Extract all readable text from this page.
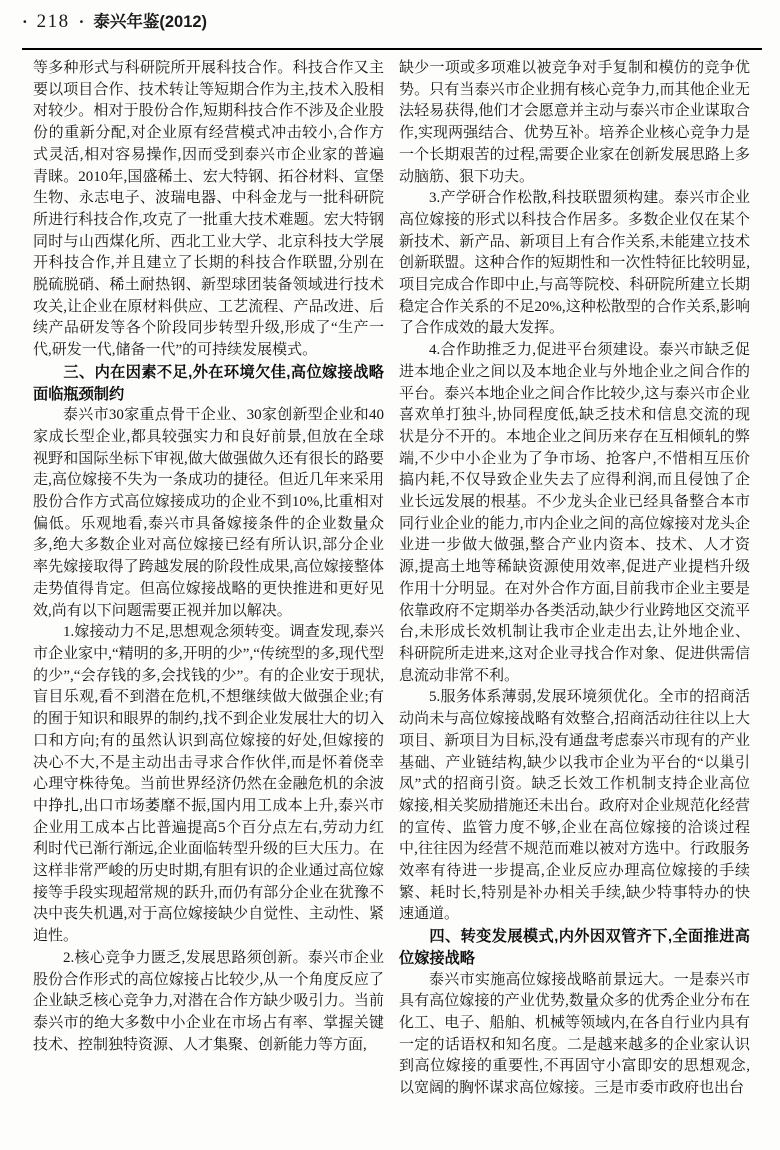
· 218 · 泰兴年鉴(2012)

等多种形式与科研院所开展科技合作。科技合作又主要以项目合作、技术转让等短期合作为主,技术入股相对较少。相对于股份合作,短期科技合作不涉及企业股份的重新分配,对企业原有经营模式冲击较小,合作方式灵活,相对容易操作,因而受到泰兴市企业家的普遍青睐。2010年,国盛稀土、宏大特钢、拓谷材料、宣堡生物、永志电子、波瑞电器、中科金龙与一批科研院所进行科技合作,攻克了一批重大技术难题。宏大特钢同时与山西煤化所、西北工业大学、北京科技大学展开科技合作,并且建立了长期的科技合作联盟,分别在脱硫脱硝、稀土耐热钢、新型球团装备领域进行技术攻关,让企业在原材料供应、工艺流程、产品改进、后续产品研发等各个阶段同步转型升级,形成了“生产一代,研发一代,储备一代”的可持续发展模式。

三、内在因素不足,外在环境欠佳,高位嫁接战略面临瓶颈制约

泰兴市30家重点骨干企业、30家创新型企业和40家成长型企业,都具较强实力和良好前景,但放在全球视野和国际坐标下审视,做大做强做久还有很长的路要走,高位嫁接不失为一条成功的捷径。但近几年来采用股份合作方式高位嫁接成功的企业不到10%,比重相对偏低。乐观地看,泰兴市具备嫁接条件的企业数量众多,绝大多数企业对高位嫁接已经有所认识,部分企业率先嫁接取得了跨越发展的阶段性成果,高位嫁接整体走势值得肯定。但高位嫁接战略的更快推进和更好见效,尚有以下问题需要正视并加以解决。

1.嫁接动力不足,思想观念须转变。调查发现,泰兴市企业家中,“精明的多,开明的少”,“传统型的多,现代型的少”,“会存钱的多,会找钱的少”。有的企业安于现状,盲目乐观,看不到潜在危机,不想继续做大做强企业;有的囿于知识和眼界的制约,找不到企业发展壮大的切入口和方向;有的虽然认识到高位嫁接的好处,但嫁接的决心不大,不是主动出击寻求合作伙伴,而是怀着侥幸心理守株待兔。当前世界经济仍然在金融危机的余波中挣扎,出口市场萎靡不振,国内用工成本上升,泰兴市企业用工成本占比普遍提高5个百分点左右,劳动力红利时代已渐行渐远,企业面临转型升级的巨大压力。在这样非常严峻的历史时期,有胆有识的企业通过高位嫁接等手段实现超常规的跃升,而仍有部分企业在犹豫不决中丧失机遇,对于高位嫁接缺少自觉性、主动性、紧迫性。

2.核心竞争力匮乏,发展思路须创新。泰兴市企业股份合作形式的高位嫁接占比较少,从一个角度反应了企业缺乏核心竞争力,对潜在合作方缺少吸引力。当前泰兴市的绝大多数中小企业在市场占有率、掌握关键技术、控制独特资源、人才集聚、创新能力等方面,

缺少一项或多项难以被竞争对手复制和模仿的竞争优势。只有当泰兴市企业拥有核心竞争力,而其他企业无法轻易获得,他们才会愿意并主动与泰兴市企业谋取合作,实现两强结合、优势互补。培养企业核心竞争力是一个长期艰苦的过程,需要企业家在创新发展思路上多动脑筋、狠下功夫。

3.产学研合作松散,科技联盟须构建。泰兴市企业高位嫁接的形式以科技合作居多。多数企业仅在某个新技术、新产品、新项目上有合作关系,未能建立技术创新联盟。这种合作的短期性和一次性特征比较明显,项目完成合作即中止,与高等院校、科研院所建立长期稳定合作关系的不足20%,这种松散型的合作关系,影响了合作成效的最大发挥。

4.合作助推乏力,促进平台须建设。泰兴市缺乏促进本地企业之间以及本地企业与外地企业之间合作的平台。泰兴本地企业之间合作比较少,这与泰兴市企业喜欢单打独斗,协同程度低,缺乏技术和信息交流的现状是分不开的。本地企业之间历来存在互相倾轧的弊端,不少中小企业为了争市场、抢客户,不惜相互压价搞内耗,不仅导致企业失去了应得利润,而且侵蚀了企业长远发展的根基。不少龙头企业已经具备整合本市同行业企业的能力,市内企业之间的高位嫁接对龙头企业进一步做大做强,整合产业内资本、技术、人才资源,提高土地等稀缺资源使用效率,促进产业提档升级作用十分明显。在对外合作方面,目前我市企业主要是依靠政府不定期举办各类活动,缺少行业跨地区交流平台,未形成长效机制让我市企业走出去,让外地企业、科研院所走进来,这对企业寻找合作对象、促进供需信息流动非常不利。

5.服务体系薄弱,发展环境须优化。全市的招商活动尚未与高位嫁接战略有效整合,招商活动往往以上大项目、新项目为目标,没有通盘考虑泰兴市现有的产业基础、产业链结构,缺少以我市企业为平台的“以巢引凤”式的招商引资。缺乏长效工作机制支持企业高位嫁接,相关奖励措施还未出台。政府对企业规范化经营的宣传、监管力度不够,企业在高位嫁接的洽谈过程中,往往因为经营不规范而难以被对方选中。行政服务效率有待进一步提高,企业反应办理高位嫁接的手续繁、耗时长,特别是补办相关手续,缺少特事特办的快速通道。

四、转变发展模式,内外因双管齐下,全面推进高位嫁接战略

泰兴市实施高位嫁接战略前景远大。一是泰兴市具有高位嫁接的产业优势,数量众多的优秀企业分布在化工、电子、船舶、机械等领域内,在各自行业内具有一定的话语权和知名度。二是越来越多的企业家认识到高位嫁接的重要性,不再固守小富即安的思想观念,以宽阔的胸怀谋求高位嫁接。三是市委市政府也出台
